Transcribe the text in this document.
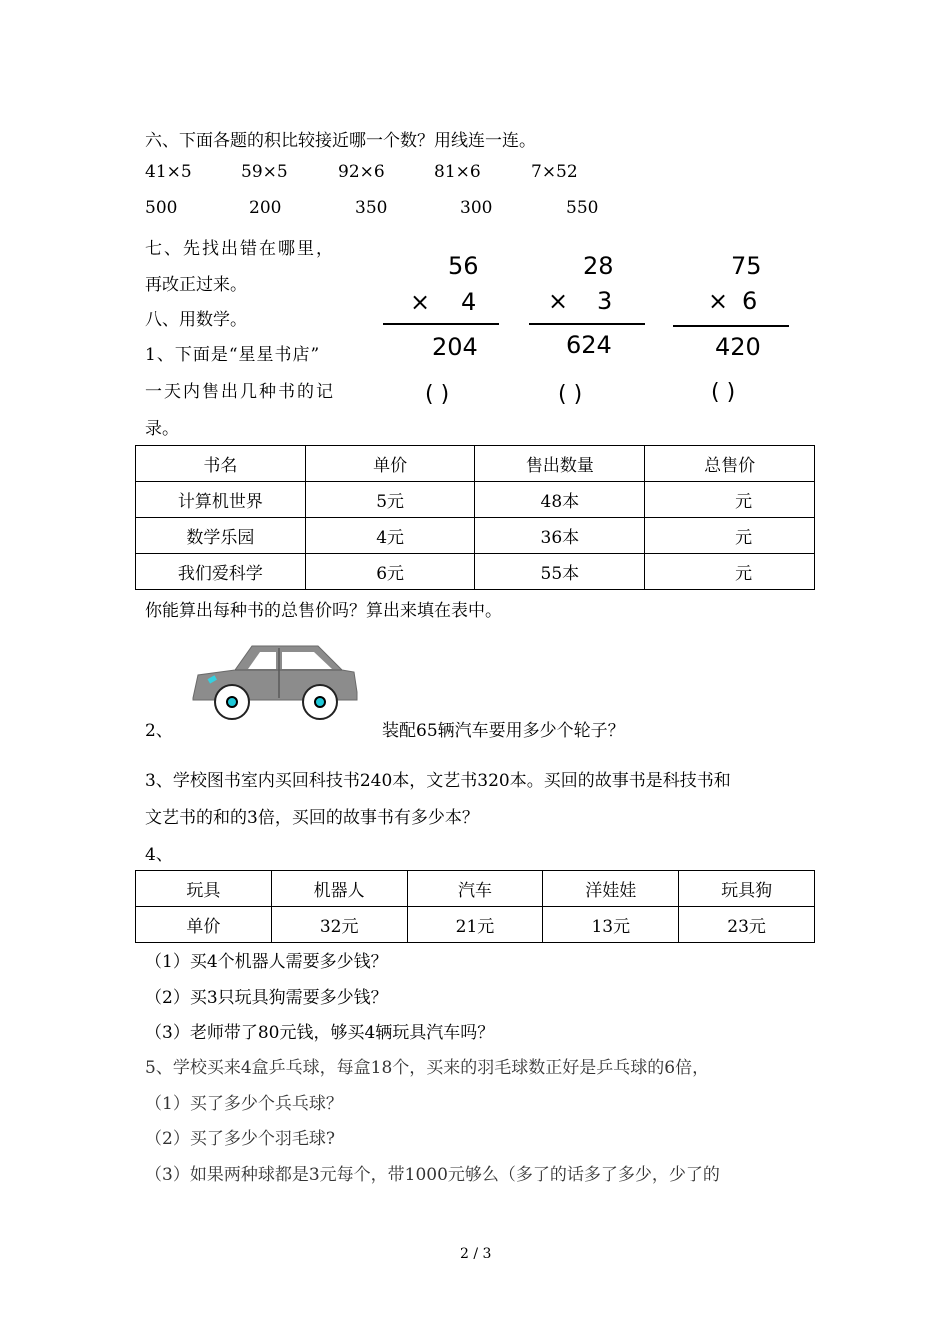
六、下面各题的积比较接近哪一个数？用线连一连。
41×5	59×5	92×6	81×6	7×52
500	200	350	300	550
七、先找出错在哪里，
再改正过来。
56
× 4
204
( )
28
× 3
624
( )
75
× 6
420
( )
八、用数学。
1、下面是“星星书店”
一天内售出几种书的记
录。
书名	单价	售出数量	总售价
计算机世界	5元	48本	元
数学乐园	4元	36本	元
我们爱科学	6元	55本	元
你能算出每种书的总售价吗？算出来填在表中。
2、	装配65辆汽车要用多少个轮子？
3、学校图书室内买回科技书240本，文艺书320本。买回的故事书是科技书和
文艺书的和的3倍，买回的故事书有多少本？
4、
玩具	机器人	汽车	洋娃娃	玩具狗
单价	32元	21元	13元	23元
（1）买4个机器人需要多少钱？
（2）买3只玩具狗需要多少钱？
（3）老师带了80元钱，够买4辆玩具汽车吗？
5、学校买来4盒乒乓球，每盒18个，买来的羽毛球数正好是乒乓球的6倍，
（1）买了多少个兵乓球？
（2）买了多少个羽毛球?
（3）如果两种球都是3元每个，带1000元够么（多了的话多了多少，少了的
2 / 3
